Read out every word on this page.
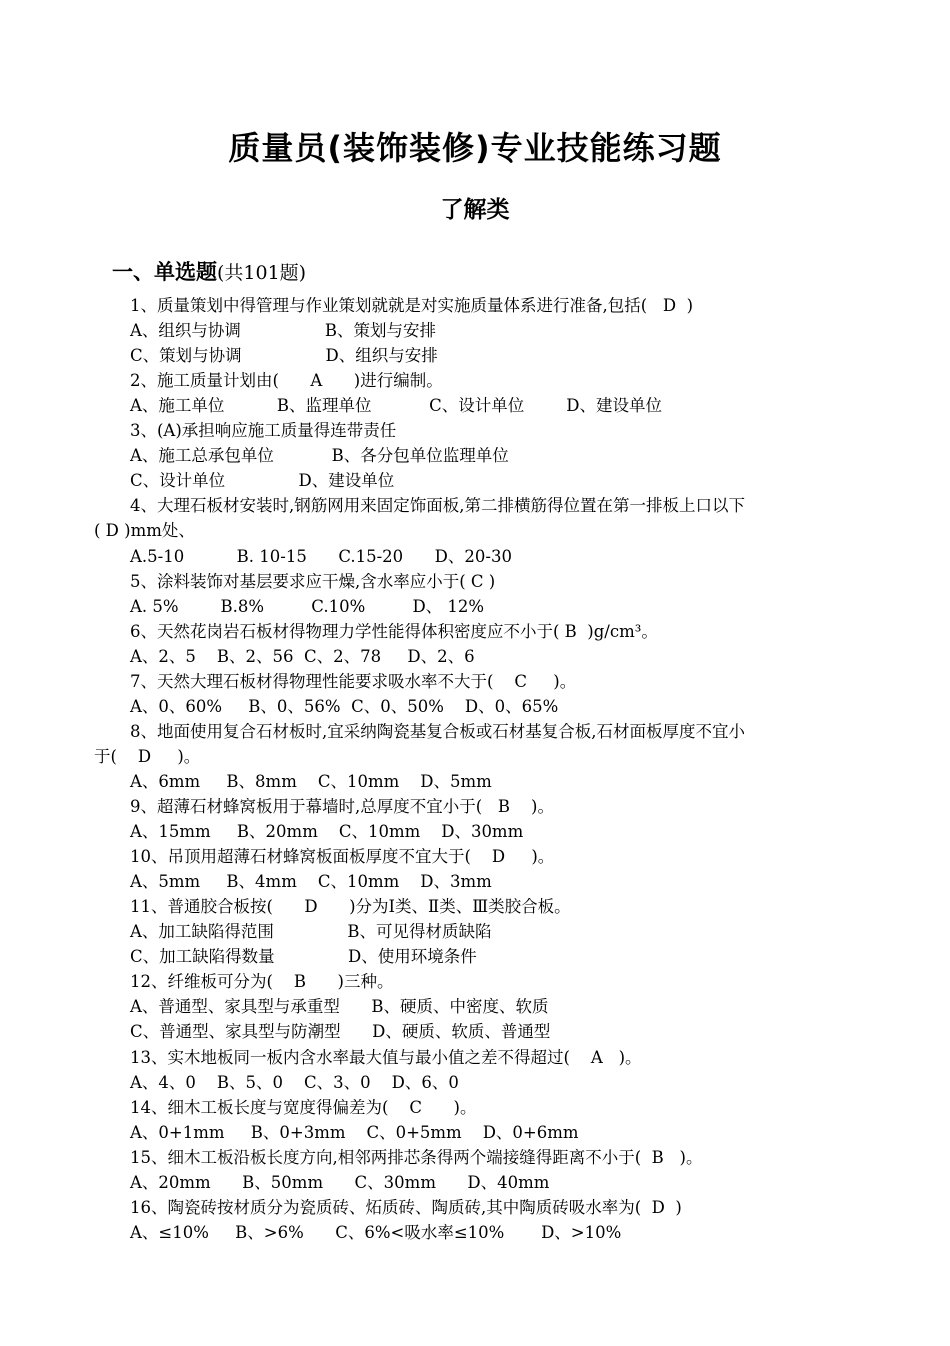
质量员(装饰装修)专业技能练习题
了解类
一、单选题(共101题)
1、质量策划中得管理与作业策划就就是对实施质量体系进行准备,包括(   D  )
A、组织与协调                B、策划与安排
C、策划与协调                D、组织与安排
2、施工质量计划由(      A      )进行编制。
A、施工单位          B、监理单位           C、设计单位        D、建设单位
3、(A)承担响应施工质量得连带责任
A、施工总承包单位           B、各分包单位监理单位
C、设计单位              D、建设单位
4、大理石板材安装时,钢筋网用来固定饰面板,第二排横筋得位置在第一排板上口以下
( D )mm处、
A.5-10          B. 10-15      C.15-20      D、20-30
5、涂料装饰对基层要求应干燥,含水率应小于( C )
A. 5%        B.8%         C.10%         D、 12%
6、天然花岗岩石板材得物理力学性能得体积密度应不小于( B  )g/cm³。
A、2、5    B、2、56  C、2、78     D、2、6
7、天然大理石板材得物理性能要求吸水率不大于(    C     )。
A、0、60%     B、0、56%  C、0、50%    D、0、65%
8、地面使用复合石材板时,宜采纳陶瓷基复合板或石材基复合板,石材面板厚度不宜小
于(    D     )。
A、6mm     B、8mm    C、10mm    D、5mm
9、超薄石材蜂窝板用于幕墙时,总厚度不宜小于(   B    )。
A、15mm     B、20mm    C、10mm    D、30mm
10、吊顶用超薄石材蜂窝板面板厚度不宜大于(    D     )。
A、5mm     B、4mm    C、10mm    D、3mm
11、普通胶合板按(      D      )分为Ⅰ类、Ⅱ类、Ⅲ类胶合板。
A、加工缺陷得范围              B、可见得材质缺陷
C、加工缺陷得数量              D、使用环境条件
12、纤维板可分为(    B      )三种。
A、普通型、家具型与承重型      B、硬质、中密度、软质
C、普通型、家具型与防潮型      D、硬质、软质、普通型
13、实木地板同一板内含水率最大值与最小值之差不得超过(    A   )。
A、4、0    B、5、0    C、3、0    D、6、0
14、细木工板长度与宽度得偏差为(    C      )。
A、0+1mm     B、0+3mm    C、0+5mm    D、0+6mm
15、细木工板沿板长度方向,相邻两排芯条得两个端接缝得距离不小于(  B   )。
A、20mm      B、50mm      C、30mm      D、40mm
16、陶瓷砖按材质分为瓷质砖、炻质砖、陶质砖,其中陶质砖吸水率为(  D  )
A、≤10%     B、>6%      C、6%<吸水率≤10%       D、>10%
